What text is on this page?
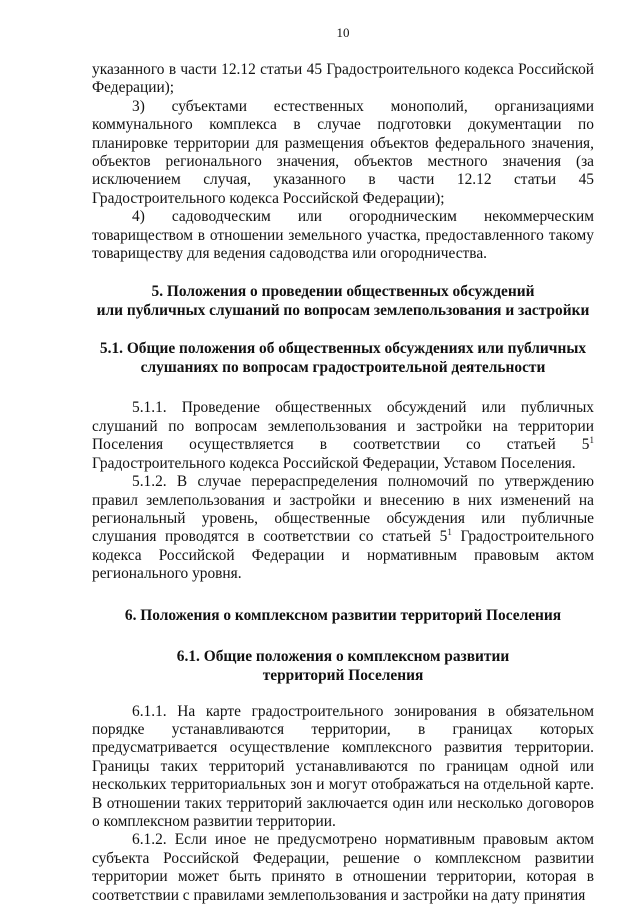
10

указанного в части 12.12 статьи 45 Градостроительного кодекса Российской Федерации);

3) субъектами естественных монополий, организациями коммунального комплекса в случае подготовки документации по планировке территории для размещения объектов федерального значения, объектов регионального значения, объектов местного значения (за исключением случая, указанного в части 12.12 статьи 45 Градостроительного кодекса Российской Федерации);

4) садоводческим или огородническим некоммерческим товариществом в отношении земельного участка, предоставленного такому товариществу для ведения садоводства или огородничества.

5. Положения о проведении общественных обсуждений
или публичных слушаний по вопросам землепользования и застройки
5.1. Общие положения об общественных обсуждениях или публичных
слушаниях по вопросам градостроительной деятельности

5.1.1. Проведение общественных обсуждений или публичных слушаний по вопросам землепользования и застройки на территории Поселения осуществляется в соответствии со статьей $5^1$ Градостроительного кодекса Российской Федерации, Уставом Поселения.

5.1.2. В случае перераспределения полномочий по утверждению правил землепользования и застройки и внесению в них изменений на региональный уровень, общественные обсуждения или публичные слушания проводятся в соответствии со статьей $5^1$ Градостроительного кодекса Российской Федерации и нормативным правовым актом регионального уровня.

6. Положения о комплексном развитии территорий Поселения
6.1. Общие положения о комплексном развитии
территорий Поселения

6.1.1. На карте градостроительного зонирования в обязательном порядке устанавливаются территории, в границах которых предусматривается осуществление комплексного развития территории. Границы таких территорий устанавливаются по границам одной или нескольких территориальных зон и могут отображаться на отдельной карте. В отношении таких территорий заключается один или несколько договоров о комплексном развитии территории.

6.1.2. Если иное не предусмотрено нормативным правовым актом субъекта Российской Федерации, решение о комплексном развитии территории может быть принято в отношении территории, которая в соответствии с правилами землепользования и застройки на дату принятия
